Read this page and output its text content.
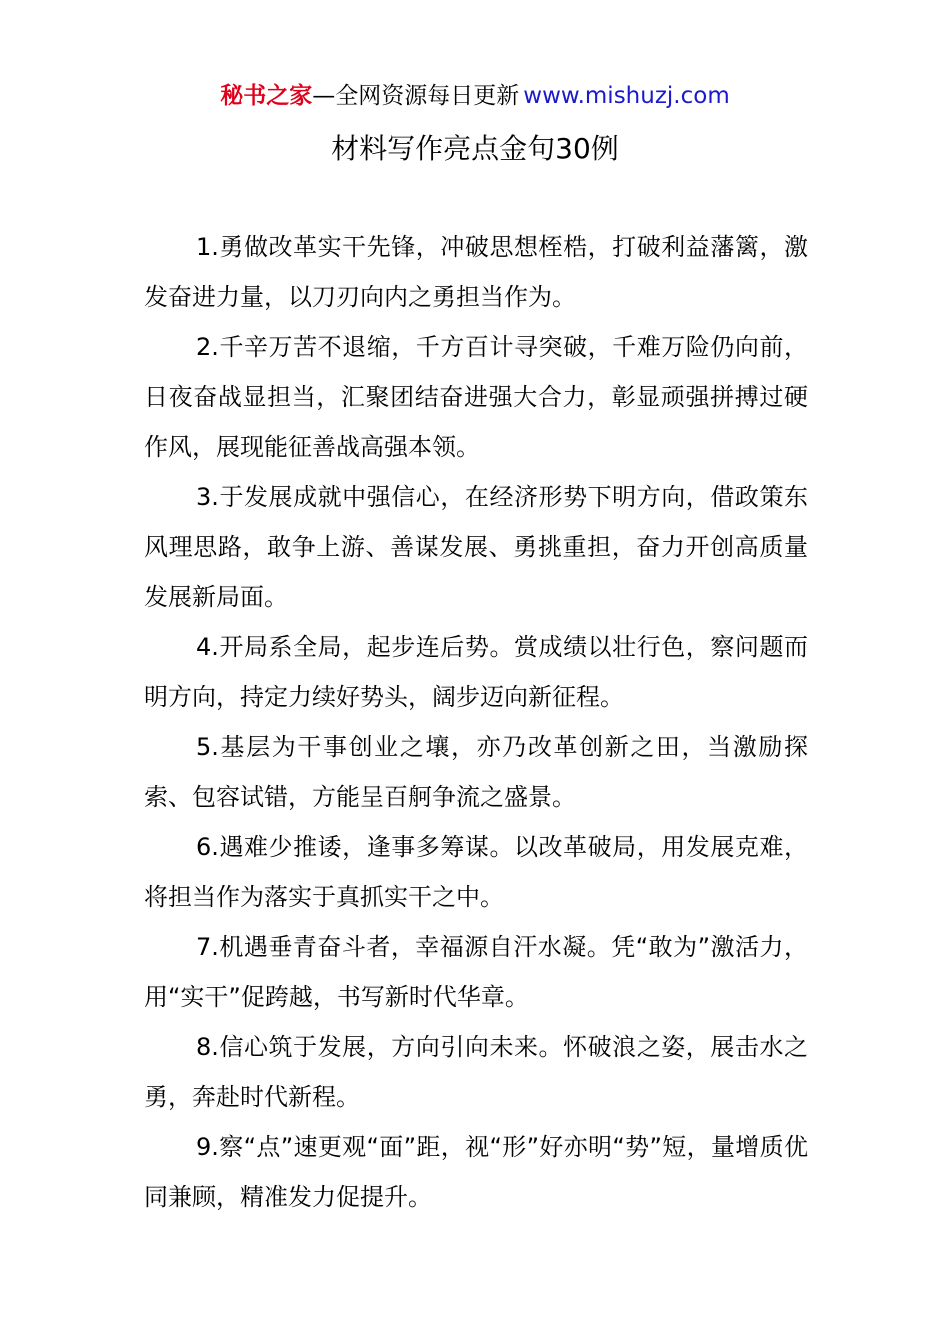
秘书之家—全网资源每日更新 www.mishuzj.com
材料写作亮点金句30例

1.勇做改革实干先锋，冲破思想桎梏，打破利益藩篱，激发奋进力量，以刀刃向内之勇担当作为。

2.千辛万苦不退缩，千方百计寻突破，千难万险仍向前，日夜奋战显担当，汇聚团结奋进强大合力，彰显顽强拼搏过硬作风，展现能征善战高强本领。

3.于发展成就中强信心，在经济形势下明方向，借政策东风理思路，敢争上游、善谋发展、勇挑重担，奋力开创高质量发展新局面。

4.开局系全局，起步连后势。赏成绩以壮行色，察问题而明方向，持定力续好势头，阔步迈向新征程。

5.基层为干事创业之壤，亦乃改革创新之田，当激励探索、包容试错，方能呈百舸争流之盛景。

6.遇难少推诿，逢事多筹谋。以改革破局，用发展克难，将担当作为落实于真抓实干之中。

7.机遇垂青奋斗者，幸福源自汗水凝。凭“敢为”激活力，用“实干”促跨越，书写新时代华章。

8.信心筑于发展，方向引向未来。怀破浪之姿，展击水之勇，奔赴时代新程。

9.察“点”速更观“面”距，视“形”好亦明“势”短，量增质优同兼顾，精准发力促提升。
